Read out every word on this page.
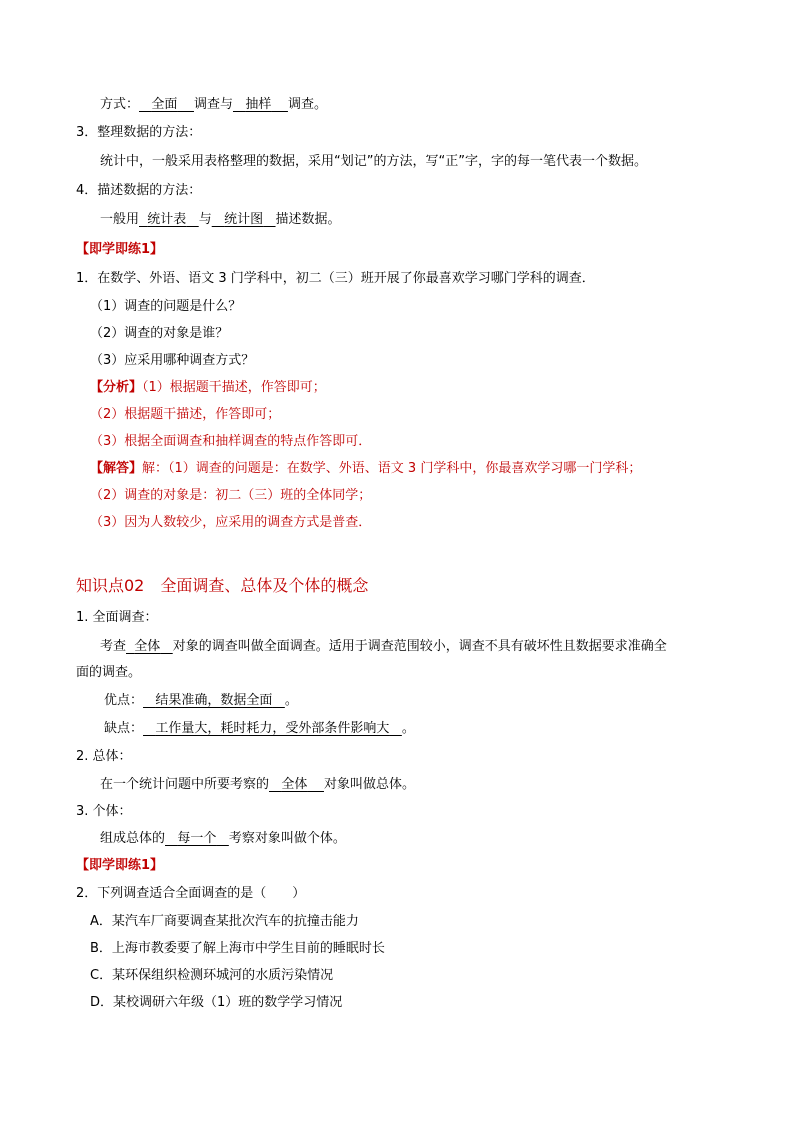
方式： 全面 调查与 抽样 调查。
3．整理数据的方法：
统计中，一般采用表格整理的数据，采用“划记”的方法，写“正”字，字的每一笔代表一个数据。
4．描述数据的方法：
一般用 统计表 与 统计图 描述数据。
【即学即练1】
1．在数学、外语、语文 3 门学科中，初二（三）班开展了你最喜欢学习哪门学科的调查．
（1）调查的问题是什么？
（2）调查的对象是谁？
（3）应采用哪种调查方式？
【分析】（1）根据题干描述，作答即可；
（2）根据题干描述，作答即可；
（3）根据全面调查和抽样调查的特点作答即可．
【解答】解：（1）调查的问题是：在数学、外语、语文 3 门学科中，你最喜欢学习哪一门学科；
（2）调查的对象是：初二（三）班的全体同学；
（3）因为人数较少，应采用的调查方式是普查．
知识点02　全面调查、总体及个体的概念
1. 全面调查：
考查 全体 对象的调查叫做全面调查。适用于调查范围较小，调查不具有破坏性且数据要求准确全
面的调查。
优点： 结果准确，数据全面 。
缺点： 工作量大，耗时耗力，受外部条件影响大 。
2. 总体：
在一个统计问题中所要考察的 全体 对象叫做总体。
3. 个体：
组成总体的 每一个 考察对象叫做个体。
【即学即练1】
2．下列调查适合全面调查的是（　　）
A．某汽车厂商要调查某批次汽车的抗撞击能力
B．上海市教委要了解上海市中学生目前的睡眠时长
C．某环保组织检测环城河的水质污染情况
D．某校调研六年级（1）班的数学学习情况
